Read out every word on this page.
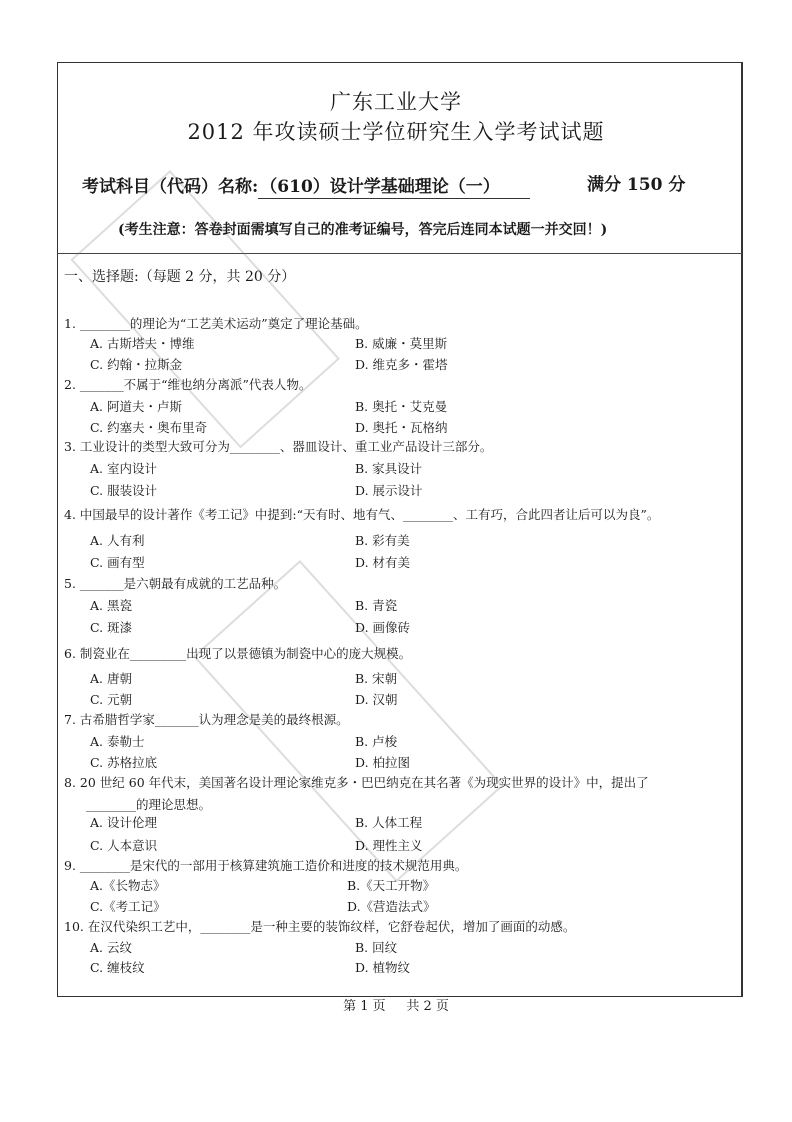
广东工业大学
2012 年攻读硕士学位研究生入学考试试题
考试科目（代码）名称: （610）设计学基础理论（一）	满分 150 分
(考生注意：答卷封面需填写自己的准考证编号，答完后连同本试题一并交回！)
一、选择题:（每题 2 分，共 20 分）
1. ________的理论为“工艺美术运动”奠定了理论基础。
A. 古斯塔夫・博维	B. 威廉・莫里斯
C. 约翰・拉斯金	D. 维克多・霍塔
2. _______不属于“维也纳分离派”代表人物。
A. 阿道夫・卢斯	B. 奥托・艾克曼
C. 约塞夫・奥布里奇	D. 奥托・瓦格纳
3. 工业设计的类型大致可分为________、器皿设计、重工业产品设计三部分。
A. 室内设计	B. 家具设计
C. 服装设计	D. 展示设计
4. 中国最早的设计著作《考工记》中提到:“天有时、地有气、________、工有巧，合此四者让后可以为良”。
A. 人有利	B. 彩有美
C. 画有型	D. 材有美
5. _______是六朝最有成就的工艺品种。
A. 黑瓷	B. 青瓷
C. 斑漆	D. 画像砖
6. 制瓷业在_________出现了以景德镇为制瓷中心的庞大规模。
A. 唐朝	B. 宋朝
C. 元朝	D. 汉朝
7. 古希腊哲学家_______认为理念是美的最终根源。
A. 泰勒士	B. 卢梭
C. 苏格拉底	D. 柏拉图
8. 20 世纪 60 年代末，美国著名设计理论家维克多・巴巴纳克在其名著《为现实世界的设计》中，提出了
________的理论思想。
A. 设计伦理	B. 人体工程
C. 人本意识	D. 理性主义
9. ________是宋代的一部用于核算建筑施工造价和进度的技术规范用典。
A.《长物志》	B.《天工开物》
C.《考工记》	D.《营造法式》
10. 在汉代染织工艺中，________是一种主要的装饰纹样，它舒卷起伏，增加了画面的动感。
A. 云纹	B. 回纹
C. 缠枝纹	D. 植物纹
第 1 页 共 2 页
